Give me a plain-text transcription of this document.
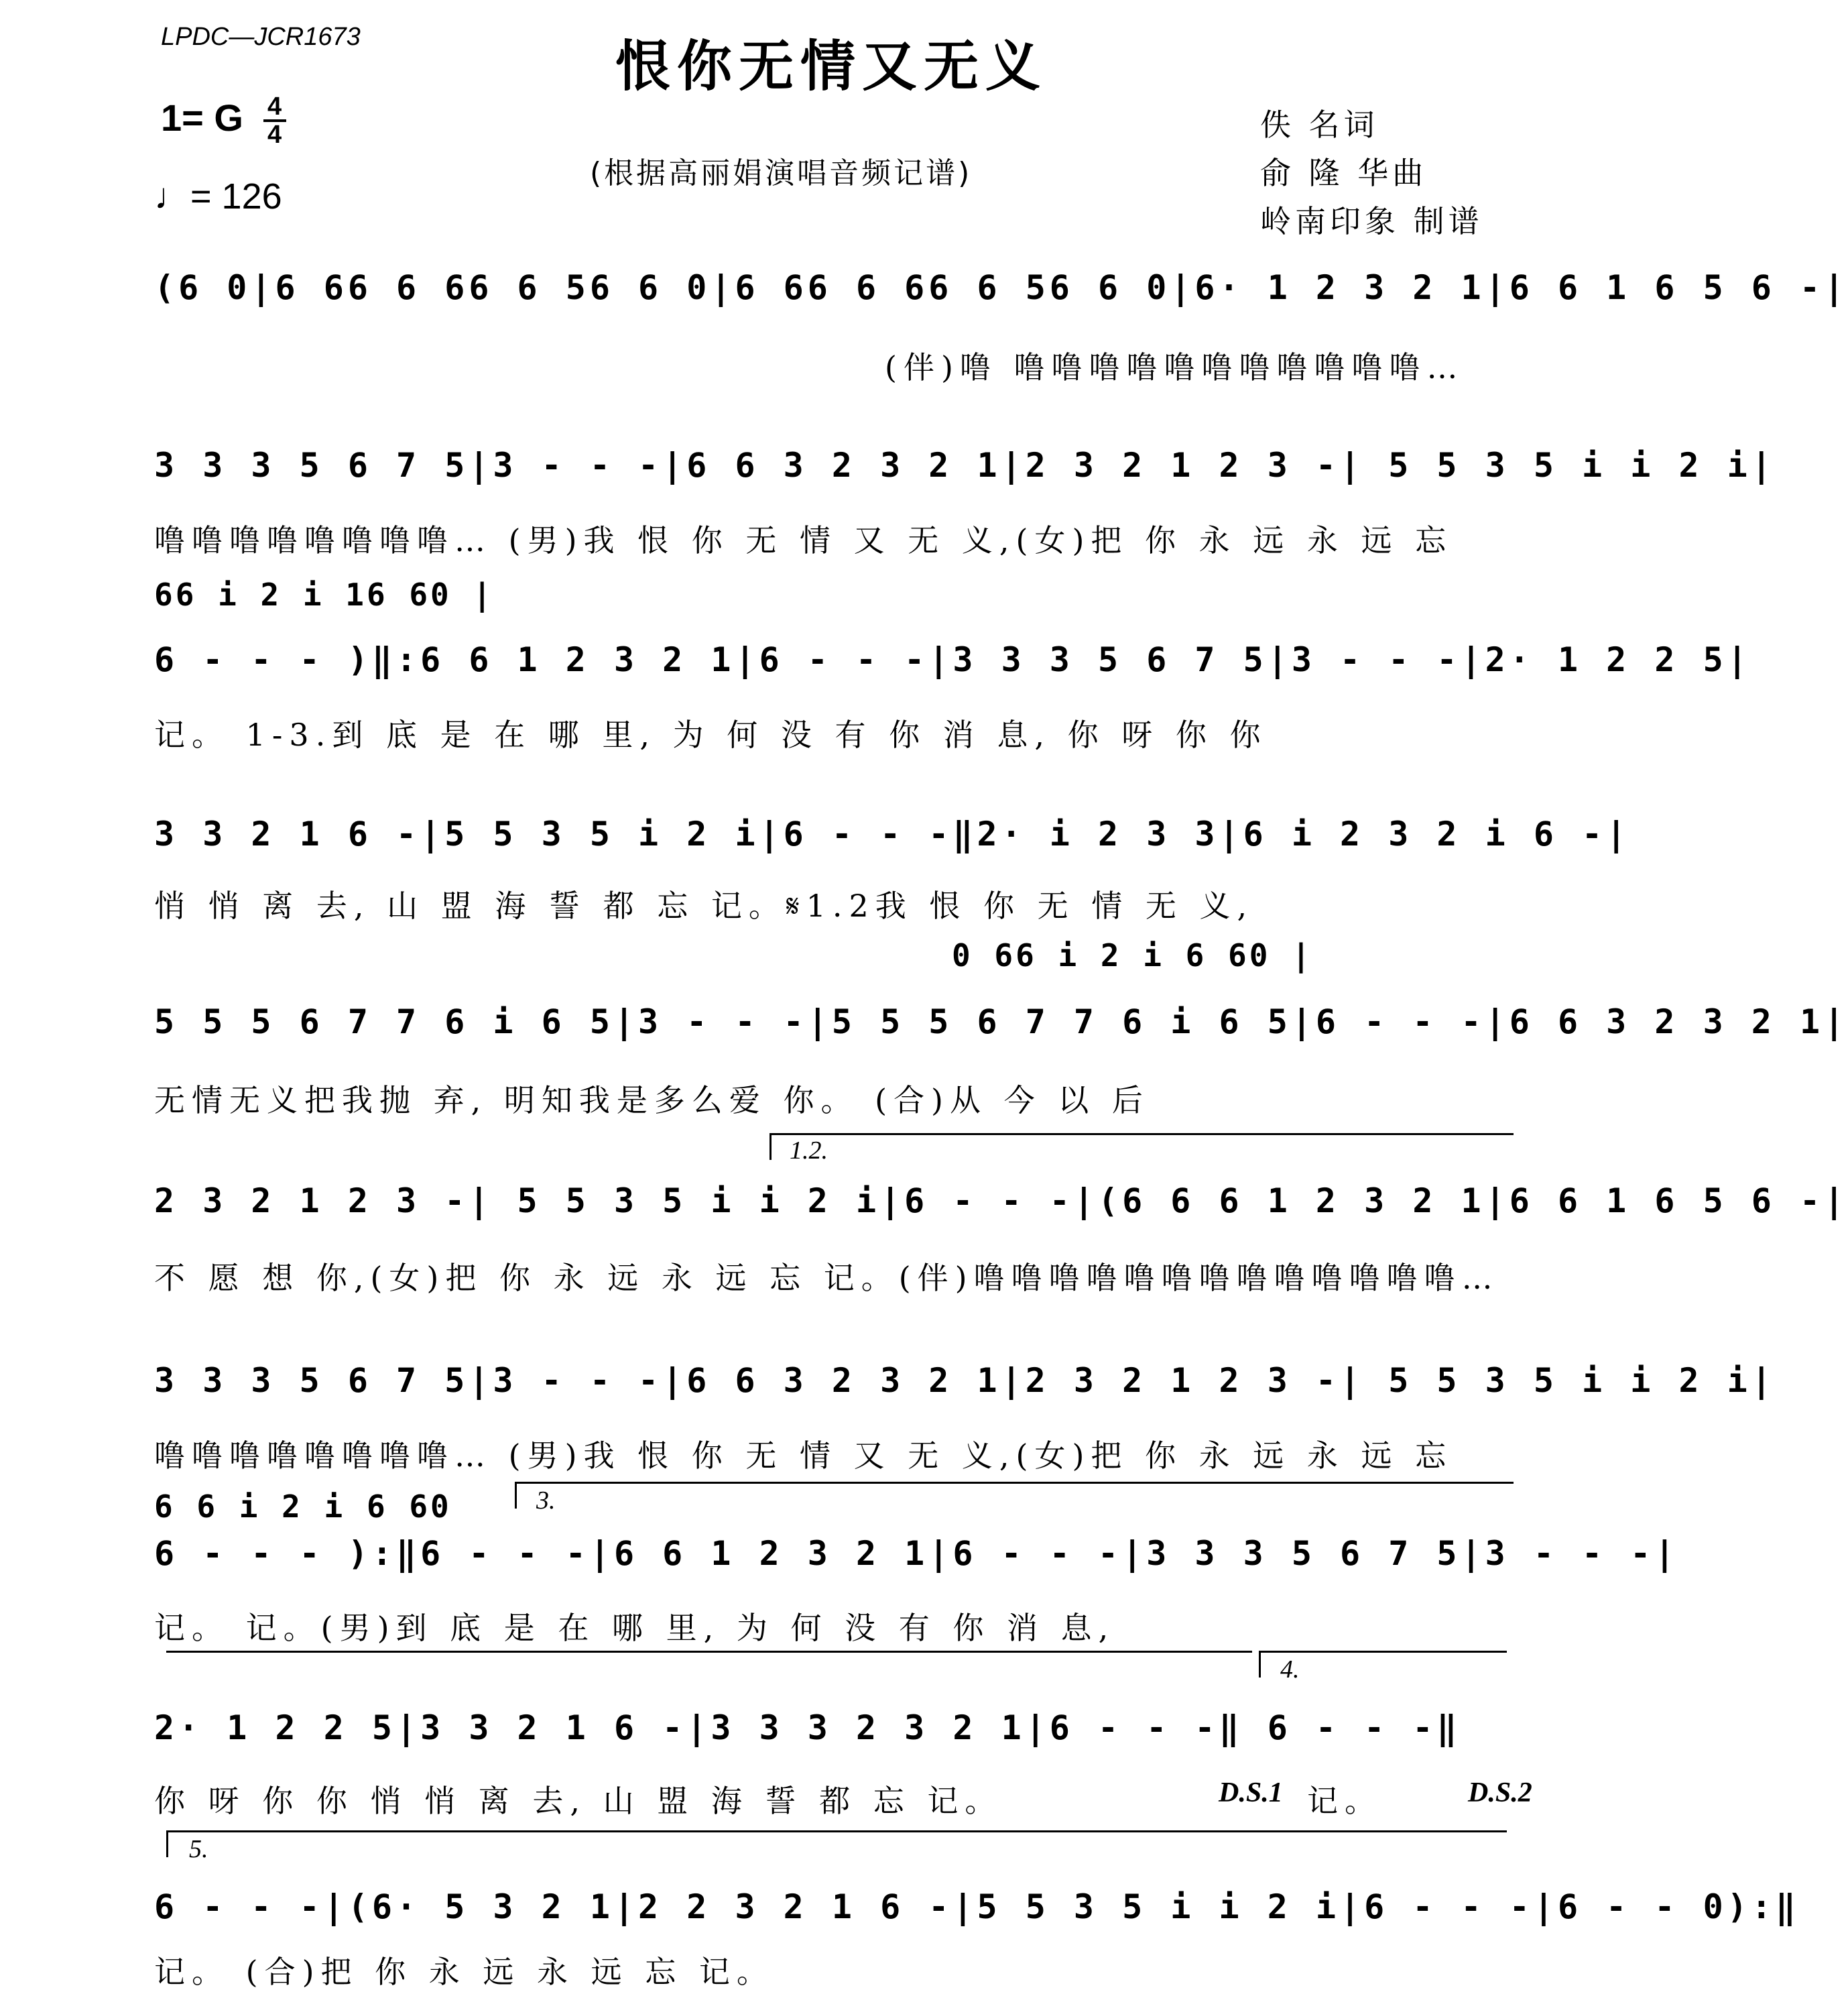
LPDC—JCR1673	恨你无情又无义
1= G $\frac{4}{4}$
♩= 126
(根据高丽娟演唱音频记谱)
佚 名词
俞 隆 华曲
岭南印象 制谱
(6 0|6 66 6 66 6 56 6 0|6 66 6 66 6 56 6 0|6· 1 2 3 2 1|6 6 1 6 5 6 -|
(伴)噜 噜噜噜噜噜噜噜噜噜噜噜…
3 3 3 5 6 7 5|3 - - -|6 6 3 2 3 2 1|2 3 2 1 2 3 -| 5 5 3 5 i i 2 i|
噜噜噜噜噜噜噜噜… (男)我 恨 你 无 情 又 无 义,(女)把 你 永 远 永 远 忘
66 i 2 i 16 60 |
6 - - - )‖:6 6 1 2 3 2 1|6 - - -|3 3 3 5 6 7 5|3 - - -|2· 1 2 2 5|
记。 1-3.到 底 是 在 哪 里, 为 何 没 有 你 消 息, 你 呀 你 你
3 3 2 1 6 -|5 5 3 5 i 2 i|6 - - -‖2· i 2 3 3|6 i 2 3 2 i 6 -|
悄 悄 离 去, 山 盟 海 誓 都 忘 记。𝄋1.2我 恨 你 无 情 无 义,
0 66 i 2 i 6 60 |
5 5 5 6 7 7 6 i 6 5|3 - - -|5 5 5 6 7 7 6 i 6 5|6 - - -|6 6 3 2 3 2 1|
无情无义把我抛 弃, 明知我是多么爱 你。 (合)从 今 以 后
1.2.
2 3 2 1 2 3 -| 5 5 3 5 i i 2 i|6 - - -|(6 6 6 1 2 3 2 1|6 6 1 6 5 6 -|
不 愿 想 你,(女)把 你 永 远 永 远 忘 记。(伴)噜噜噜噜噜噜噜噜噜噜噜噜噜…
3 3 3 5 6 7 5|3 - - -|6 6 3 2 3 2 1|2 3 2 1 2 3 -| 5 5 3 5 i i 2 i|
噜噜噜噜噜噜噜噜… (男)我 恨 你 无 情 又 无 义,(女)把 你 永 远 永 远 忘
6 6 i 2 i 6 60	3.
6 - - - ):‖6 - - -|6 6 1 2 3 2 1|6 - - -|3 3 3 5 6 7 5|3 - - -|
记。 记。(男)到 底 是 在 哪 里, 为 何 没 有 你 消 息,
4.
2· 1 2 2 5|3 3 2 1 6 -|3 3 3 2 3 2 1|6 - - -‖ 6 - - -‖
你 呀 你 你 悄 悄 离 去, 山 盟 海 誓 都 忘 记。	D.S.1 记。	D.S.2
5.
6 - - -|(6· 5 3 2 1|2 2 3 2 1 6 -|5 5 3 5 i i 2 i|6 - - -|6 - - 0):‖
记。 (合)把 你 永 远 永 远 忘 记。
